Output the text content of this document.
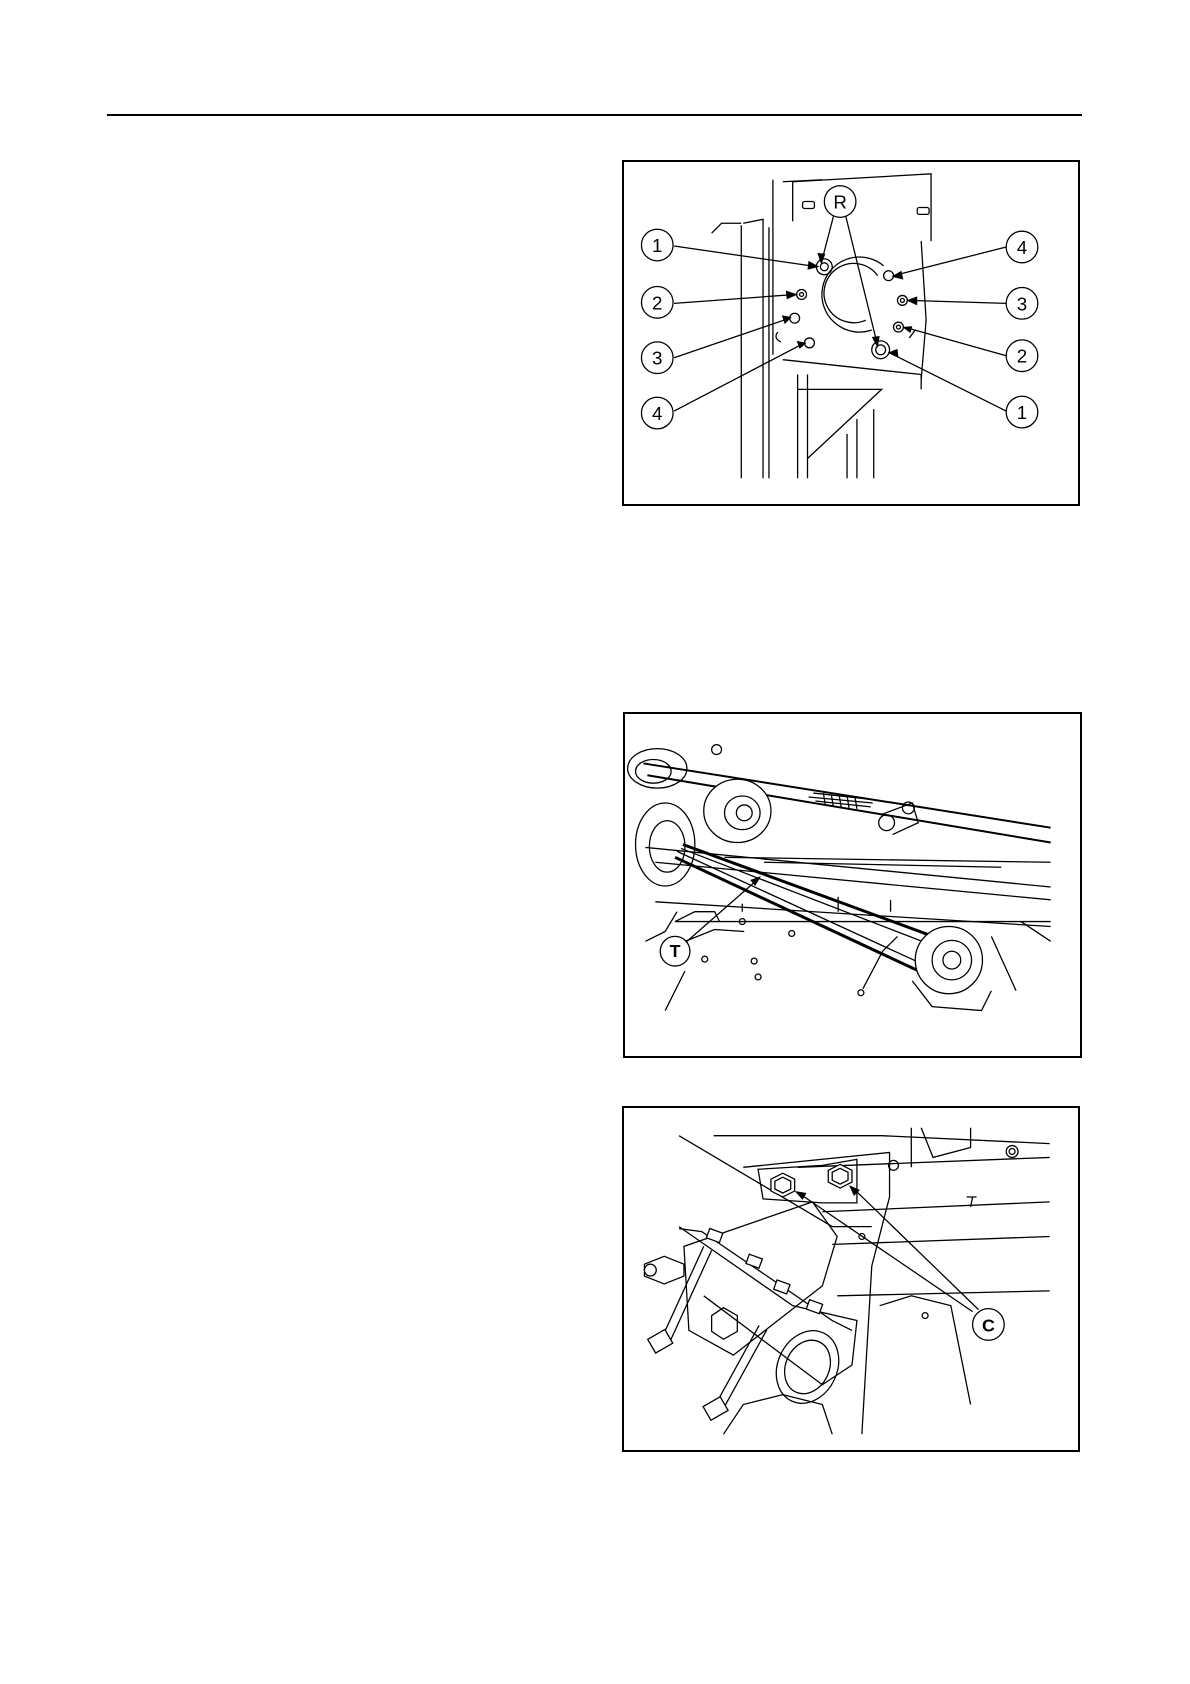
R
1
2
3
4
4
3
2
1
T
C
